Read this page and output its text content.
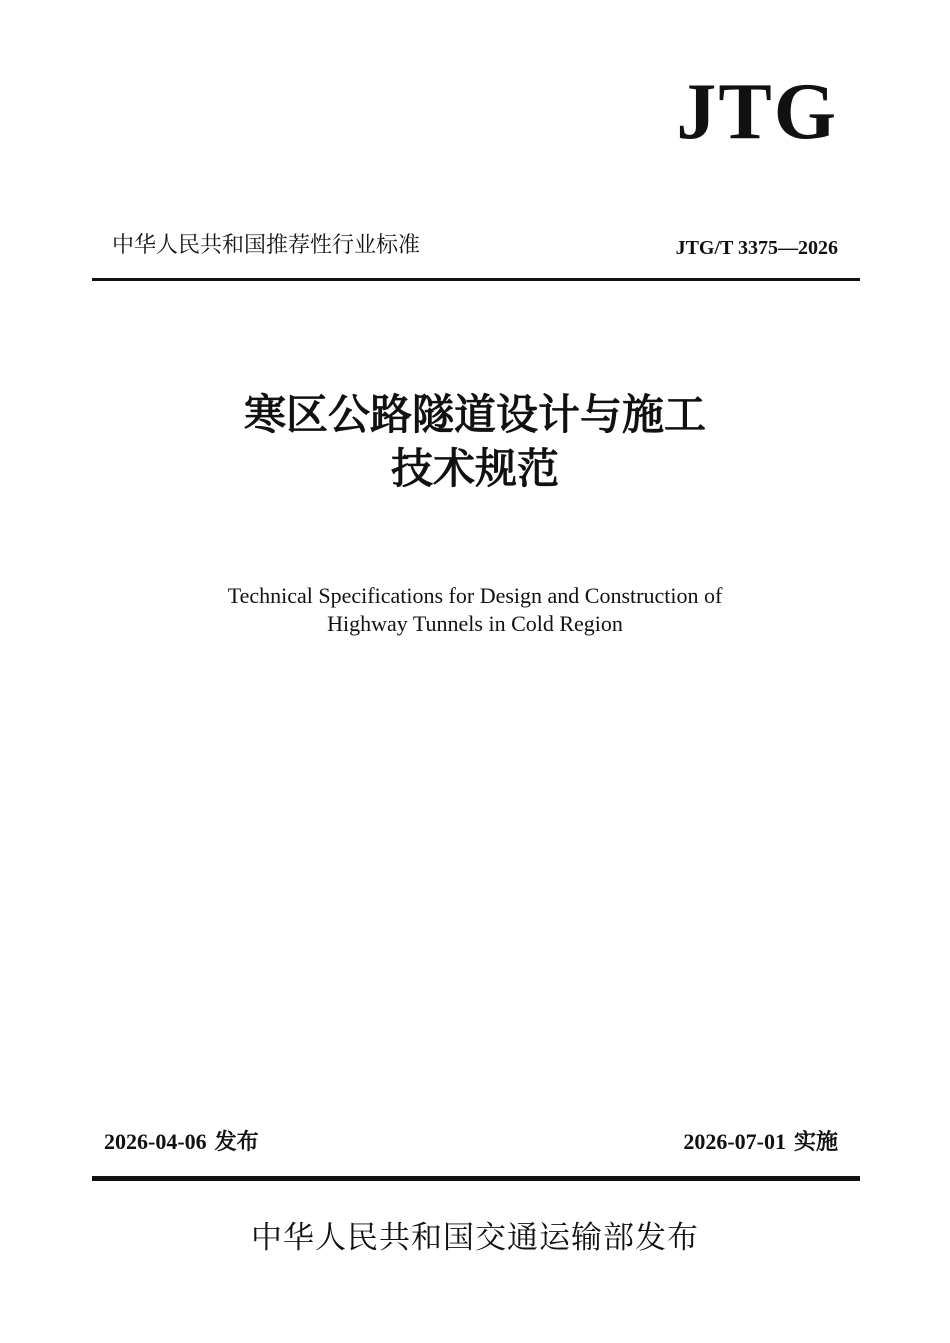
JTG
中华人民共和国推荐性行业标准	JTG/T 3375—2026
寒区公路隧道设计与施工
技术规范
Technical Specifications for Design and Construction of
Highway Tunnels in Cold Region
2026-04-06 发布	2026-07-01 实施
中华人民共和国交通运输部发布
